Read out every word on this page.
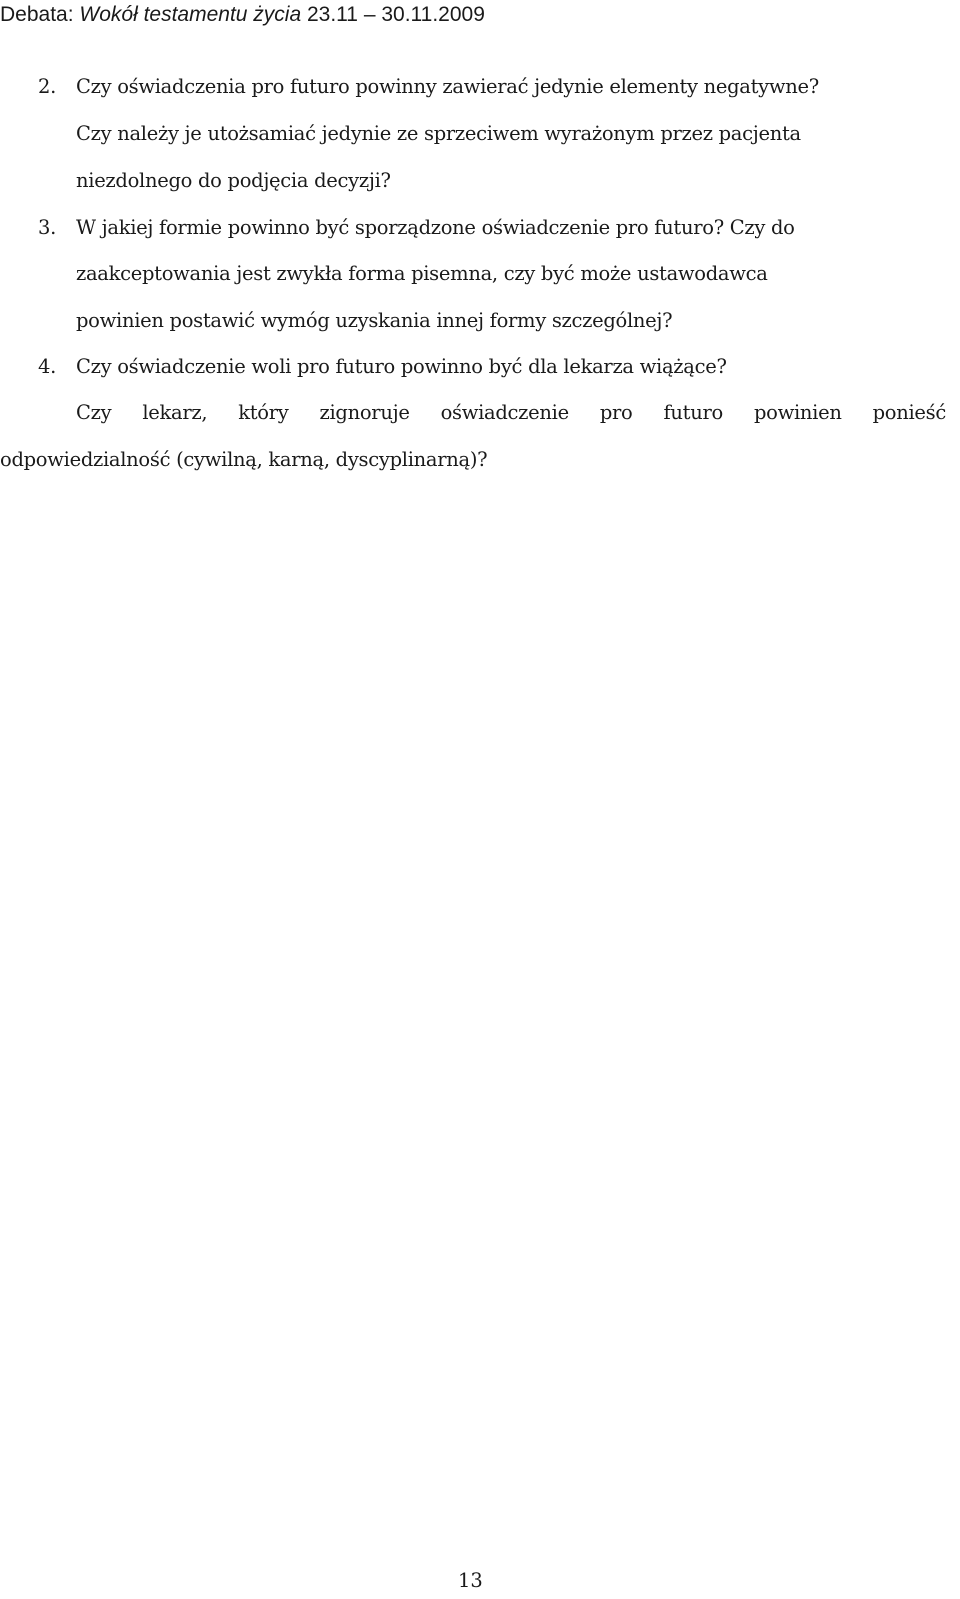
Debata: Wokół testamentu życia 23.11 – 30.11.2009
2. Czy oświadczenia pro futuro powinny zawierać jedynie elementy negatywne?
Czy należy je utożsamiać jedynie ze sprzeciwem wyrażonym przez pacjenta
niezdolnego do podjęcia decyzji?
3. W jakiej formie powinno być sporządzone oświadczenie pro futuro? Czy do
zaakceptowania jest zwykła forma pisemna, czy być może ustawodawca
powinien postawić wymóg uzyskania innej formy szczególnej?
4. Czy oświadczenie woli pro futuro powinno być dla lekarza wiążące?
Czy lekarz, który zignoruje oświadczenie pro futuro powinien ponieść
odpowiedzialność (cywilną, karną, dyscyplinarną)?
13
